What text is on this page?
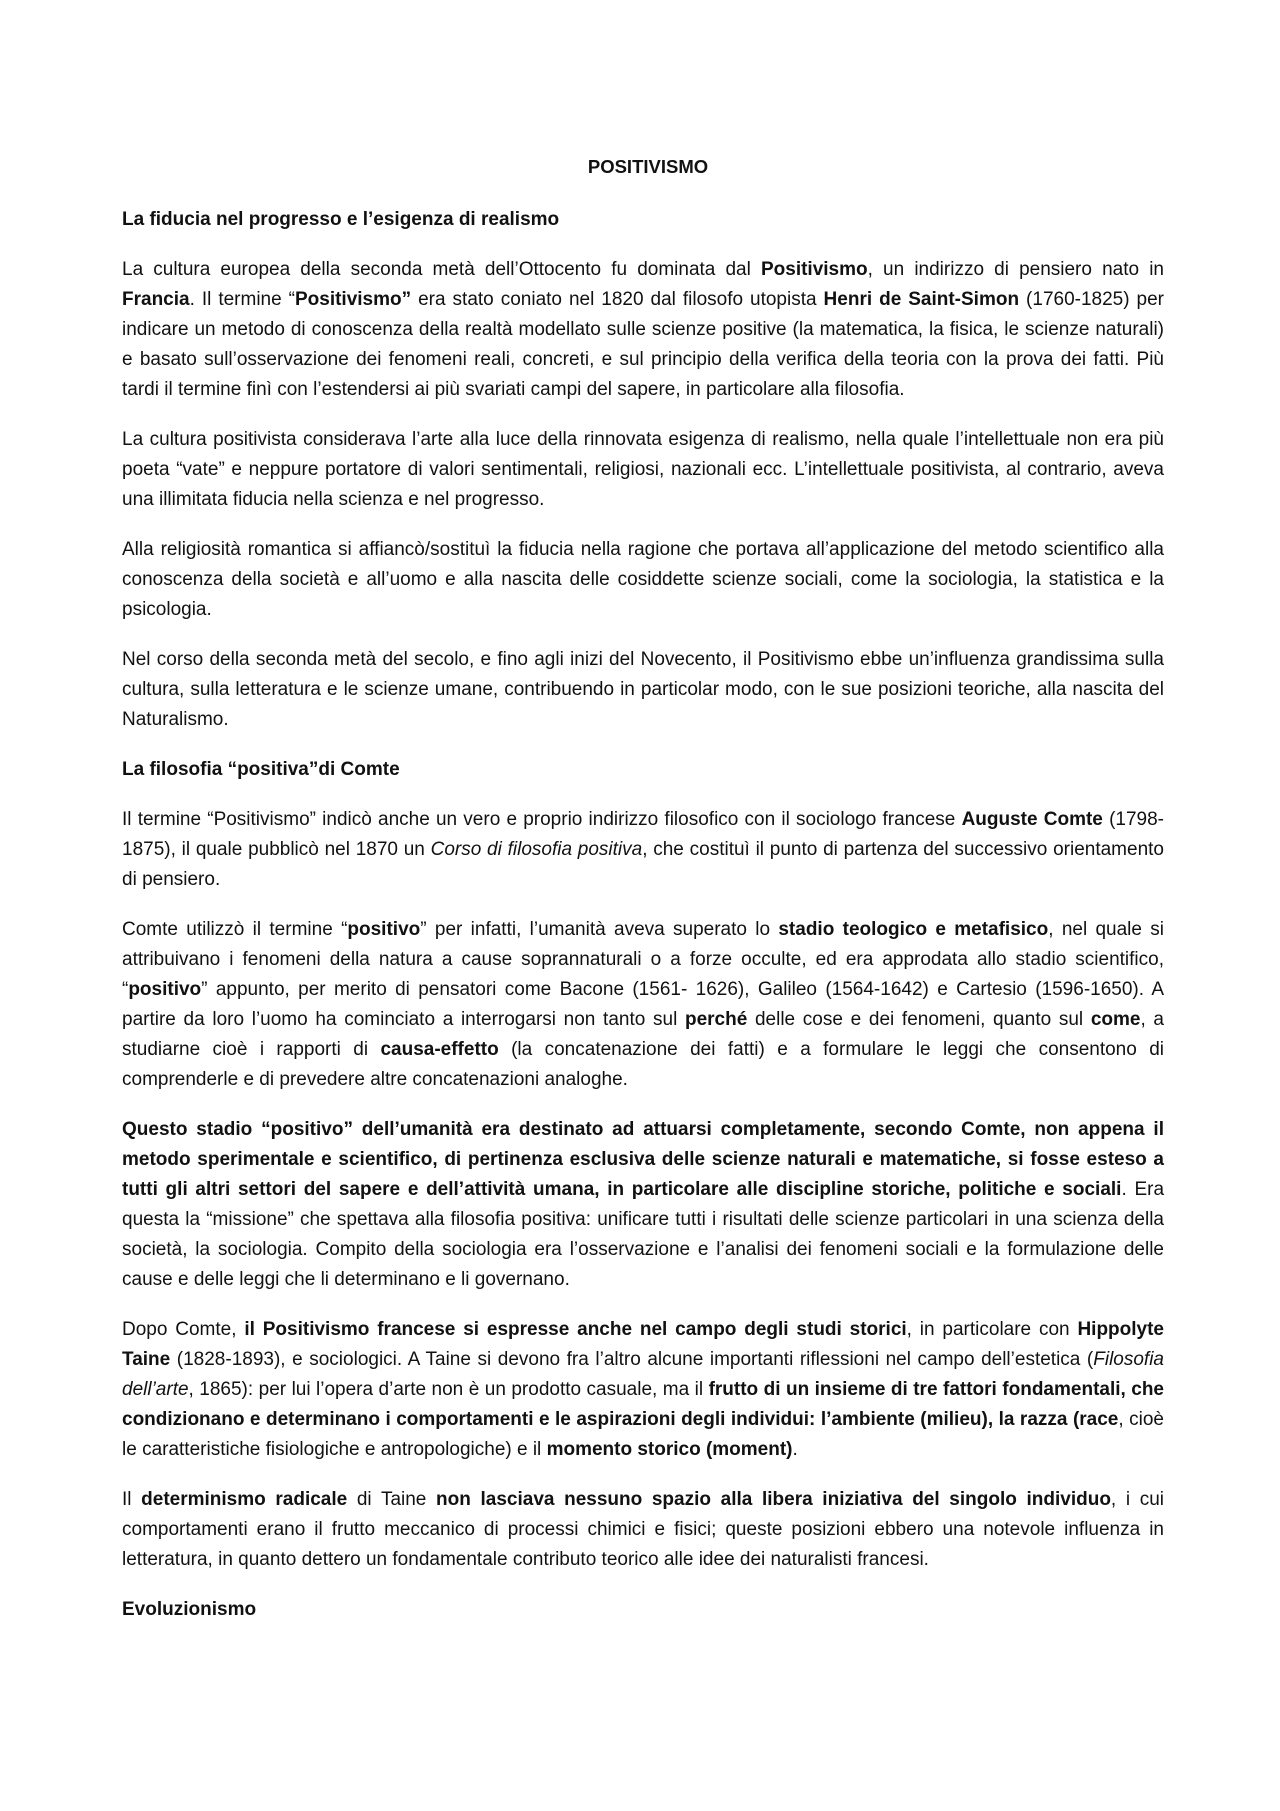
POSITIVISMO
La fiducia nel progresso e l’esigenza di realismo

La cultura europea della seconda metà dell’Ottocento fu dominata dal Positivismo, un indirizzo di pensiero nato in Francia. Il termine “Positivismo” era stato coniato nel 1820 dal filosofo utopista Henri de Saint-Simon (1760-1825) per indicare un metodo di conoscenza della realtà modellato sulle scienze positive (la matematica, la fisica, le scienze naturali) e basato sull’osservazione dei fenomeni reali, concreti, e sul principio della verifica della teoria con la prova dei fatti. Più tardi il termine finì con l’estendersi ai più svariati campi del sapere, in particolare alla filosofia.

La cultura positivista considerava l’arte alla luce della rinnovata esigenza di realismo, nella quale l’intellettuale non era più poeta “vate” e neppure portatore di valori sentimentali, religiosi, nazionali ecc. L’intellettuale positivista, al contrario, aveva una illimitata fiducia nella scienza e nel progresso.

Alla religiosità romantica si affiancò/sostituì la fiducia nella ragione che portava all’applicazione del metodo scientifico alla conoscenza della società e all’uomo e alla nascita delle cosiddette scienze sociali, come la sociologia, la statistica e la psicologia.

Nel corso della seconda metà del secolo, e fino agli inizi del Novecento, il Positivismo ebbe un’influenza grandissima sulla cultura, sulla letteratura e le scienze umane, contribuendo in particolar modo, con le sue posizioni teoriche, alla nascita del Naturalismo.

La filosofia “positiva”di Comte

Il termine “Positivismo” indicò anche un vero e proprio indirizzo filosofico con il sociologo francese Auguste Comte (1798-1875), il quale pubblicò nel 1870 un Corso di filosofia positiva, che costituì il punto di partenza del successivo orientamento di pensiero.

Comte utilizzò il termine “positivo” per infatti, l’umanità aveva superato lo stadio teologico e metafisico, nel quale si attribuivano i fenomeni della natura a cause soprannaturali o a forze occulte, ed era approdata allo stadio scientifico, “positivo” appunto, per merito di pensatori come Bacone (1561- 1626), Galileo (1564-1642) e Cartesio (1596-1650). A partire da loro l’uomo ha cominciato a interrogarsi non tanto sul perché delle cose e dei fenomeni, quanto sul come, a studiarne cioè i rapporti di causa-effetto (la concatenazione dei fatti) e a formulare le leggi che consentono di comprenderle e di prevedere altre concatenazioni analoghe.

Questo stadio “positivo” dell’umanità era destinato ad attuarsi completamente, secondo Comte, non appena il metodo sperimentale e scientifico, di pertinenza esclusiva delle scienze naturali e matematiche, si fosse esteso a tutti gli altri settori del sapere e dell’attività umana, in particolare alle discipline storiche, politiche e sociali. Era questa la “missione” che spettava alla filosofia positiva: unificare tutti i risultati delle scienze particolari in una scienza della società, la sociologia. Compito della sociologia era l’osservazione e l’analisi dei fenomeni sociali e la formulazione delle cause e delle leggi che li determinano e li governano.

Dopo Comte, il Positivismo francese si espresse anche nel campo degli studi storici, in particolare con Hippolyte Taine (1828-1893), e sociologici. A Taine si devono fra l’altro alcune importanti riflessioni nel campo dell’estetica (Filosofia dell’arte, 1865): per lui l’opera d’arte non è un prodotto casuale, ma il frutto di un insieme di tre fattori fondamentali, che condizionano e determinano i comportamenti e le aspirazioni degli individui: l’ambiente (milieu), la razza (race, cioè le caratteristiche fisiologiche e antropologiche) e il momento storico (moment).

Il determinismo radicale di Taine non lasciava nessuno spazio alla libera iniziativa del singolo individuo, i cui comportamenti erano il frutto meccanico di processi chimici e fisici; queste posizioni ebbero una notevole influenza in letteratura, in quanto dettero un fondamentale contributo teorico alle idee dei naturalisti francesi.

Evoluzionismo
